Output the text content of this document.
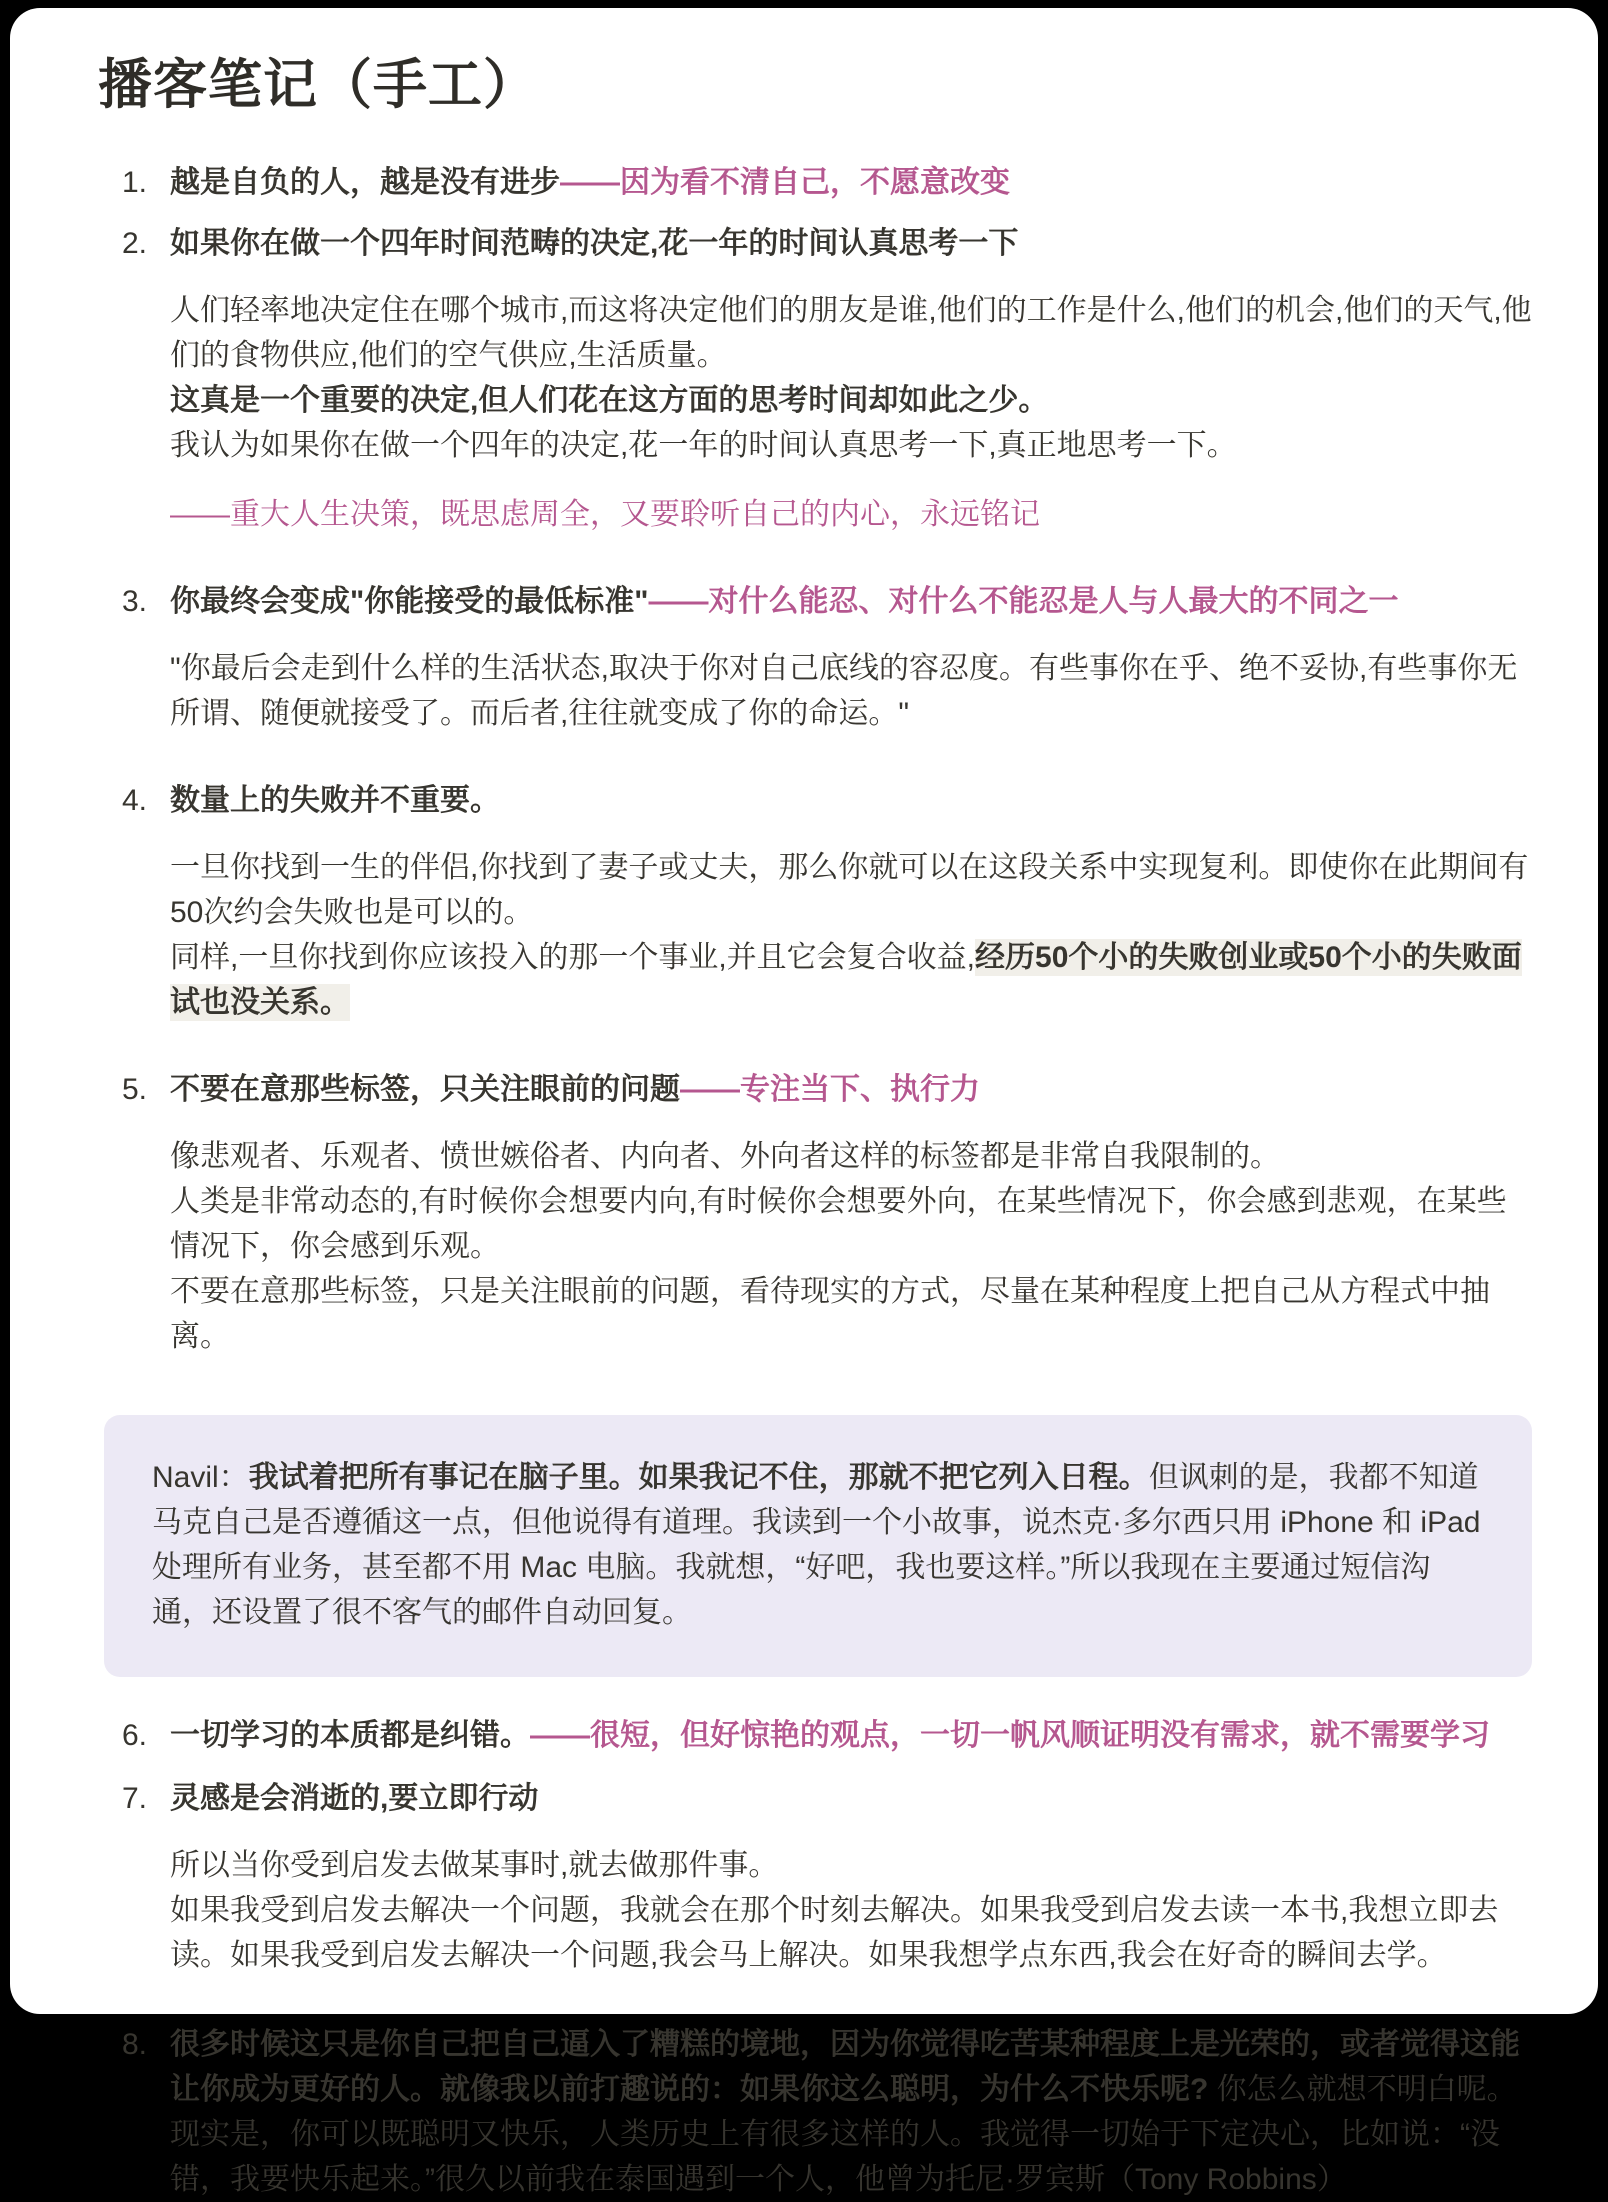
播客笔记（手工）
1. 越是自负的人，越是没有进步——因为看不清自己，不愿意改变
2. 如果你在做一个四年时间范畴的决定,花一年的时间认真思考一下
人们轻率地决定住在哪个城市,而这将决定他们的朋友是谁,他们的工作是什么,他们的机会,他们的天气,他们的食物供应,他们的空气供应,生活质量。
这真是一个重要的决定,但人们花在这方面的思考时间却如此之少。
我认为如果你在做一个四年的决定,花一年的时间认真思考一下,真正地思考一下。
——重大人生决策，既思虑周全，又要聆听自己的内心，永远铭记
3. 你最终会变成"你能接受的最低标准"——对什么能忍、对什么不能忍是人与人最大的不同之一
"你最后会走到什么样的生活状态,取决于你对自己底线的容忍度。有些事你在乎、绝不妥协,有些事你无所谓、随便就接受了。而后者,往往就变成了你的命运。"
4. 数量上的失败并不重要。
一旦你找到一生的伴侣,你找到了妻子或丈夫，那么你就可以在这段关系中实现复利。即使你在此期间有50次约会失败也是可以的。
同样,一旦你找到你应该投入的那一个事业,并且它会复合收益,经历50个小的失败创业或50个小的失败面试也没关系。
5. 不要在意那些标签，只关注眼前的问题——专注当下、执行力
像悲观者、乐观者、愤世嫉俗者、内向者、外向者这样的标签都是非常自我限制的。
人类是非常动态的,有时候你会想要内向,有时候你会想要外向，在某些情况下，你会感到悲观，在某些情况下，你会感到乐观。
不要在意那些标签，只是关注眼前的问题，看待现实的方式，尽量在某种程度上把自己从方程式中抽离。
Navil：我试着把所有事记在脑子里。如果我记不住，那就不把它列入日程。但讽刺的是，我都不知道马克自己是否遵循这一点，但他说得有道理。我读到一个小故事，说杰克·多尔西只用 iPhone 和 iPad 处理所有业务，甚至都不用 Mac 电脑。我就想，“好吧，我也要这样。”所以我现在主要通过短信沟通，还设置了很不客气的邮件自动回复。
6. 一切学习的本质都是纠错。——很短，但好惊艳的观点，一切一帆风顺证明没有需求，就不需要学习
7. 灵感是会消逝的,要立即行动
所以当你受到启发去做某事时,就去做那件事。
如果我受到启发去解决一个问题，我就会在那个时刻去解决。如果我受到启发去读一本书,我想立即去读。如果我受到启发去解决一个问题,我会马上解决。如果我想学点东西,我会在好奇的瞬间去学。
8. 很多时候这只是你自己把自己逼入了糟糕的境地，因为你觉得吃苦某种程度上是光荣的，或者觉得这能让你成为更好的人。就像我以前打趣说的：如果你这么聪明，为什么不快乐呢? 你怎么就想不明白呢。现实是，你可以既聪明又快乐，人类历史上有很多这样的人。我觉得一切始于下定决心，比如说：“没错，我要快乐起来。”很久以前我在泰国遇到一个人，他曾为托尼·罗宾斯（Tony Robbins）
